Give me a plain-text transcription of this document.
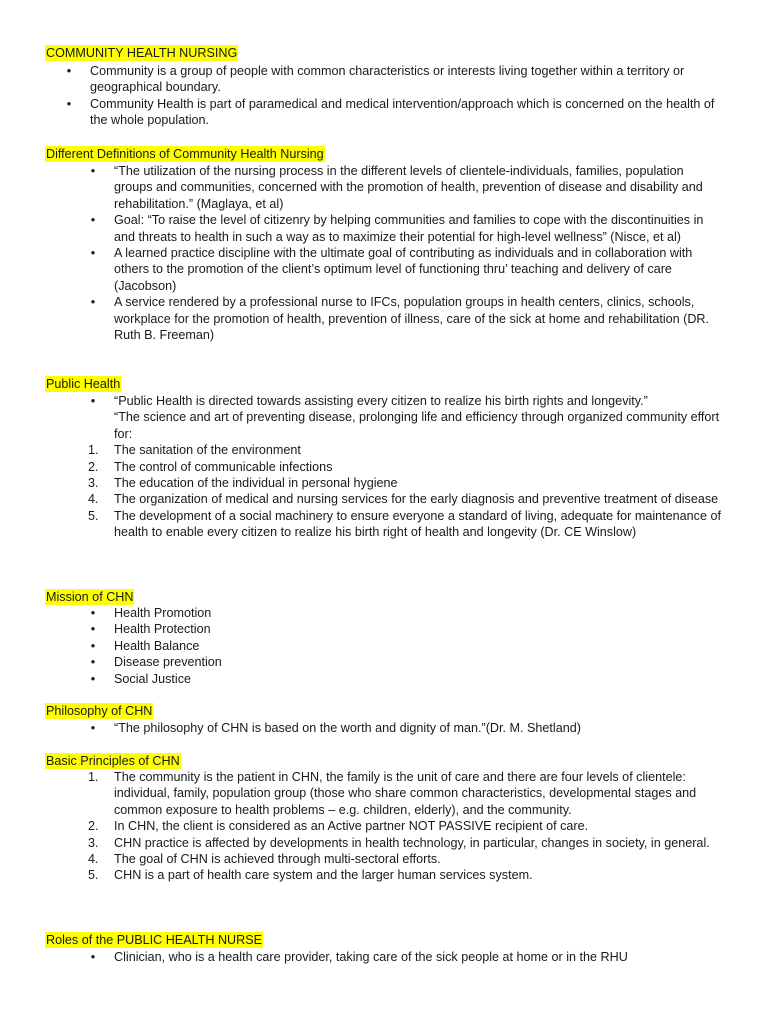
COMMUNITY HEALTH NURSING
•
Community is a group of people with common characteristics or interests living together within a territory or geographical boundary.
•
Community Health is part of paramedical and medical intervention/approach which is concerned on the health of the whole population.
Different Definitions of Community Health Nursing
•
“The utilization of the nursing process in the different levels of clientele-individuals, families, population groups and communities, concerned with the promotion of health, prevention of disease and disability and rehabilitation.” (Maglaya, et al)
•
Goal: “To raise the level of citizenry by helping communities and families to cope with the discontinuities in and threats to health in such a way as to maximize their potential for high-level wellness” (Nisce, et al)
•
A learned practice discipline with the ultimate goal of contributing as individuals and in collaboration with others to the promotion of the client’s optimum level of functioning thru’ teaching and delivery of care (Jacobson)
•
A service rendered by a professional nurse to IFCs, population groups in health centers, clinics, schools, workplace for the promotion of health, prevention of illness, care of the sick at home and rehabilitation (DR. Ruth B. Freeman)
Public Health
•
“Public Health is directed towards assisting every citizen to realize his birth rights and longevity.”
“The science and art of preventing disease, prolonging life and efficiency through organized community effort for:
1.	The sanitation of the environment
2.	The control of communicable infections
3.	The education of the individual in personal hygiene
4.	The organization of medical and nursing services for the early diagnosis and preventive treatment of disease
5.	The development of a social machinery to ensure everyone a standard of living, adequate for maintenance of health to enable every citizen to realize his birth right of health and longevity (Dr. CE Winslow)
Mission of CHN
•
Health Promotion
•
Health Protection
•
Health Balance
•
Disease prevention
•
Social Justice
Philosophy of CHN
•
“The philosophy of CHN is based on the worth and dignity of man.”(Dr. M. Shetland)
Basic Principles of CHN
1.	The community is the patient in CHN, the family is the unit of care and there are four levels of clientele: individual, family, population group (those who share common characteristics, developmental stages and common exposure to health problems – e.g. children, elderly), and the community.
2.	In CHN, the client is considered as an Active partner NOT PASSIVE recipient of care.
3.	CHN practice is affected by developments in health technology, in particular, changes in society, in general.
4.	The goal of CHN is achieved through multi-sectoral efforts.
5.	CHN is a part of health care system and the larger human services system.
Roles of the PUBLIC HEALTH NURSE
•
Clinician, who is a health care provider, taking care of the sick people at home or in the RHU
